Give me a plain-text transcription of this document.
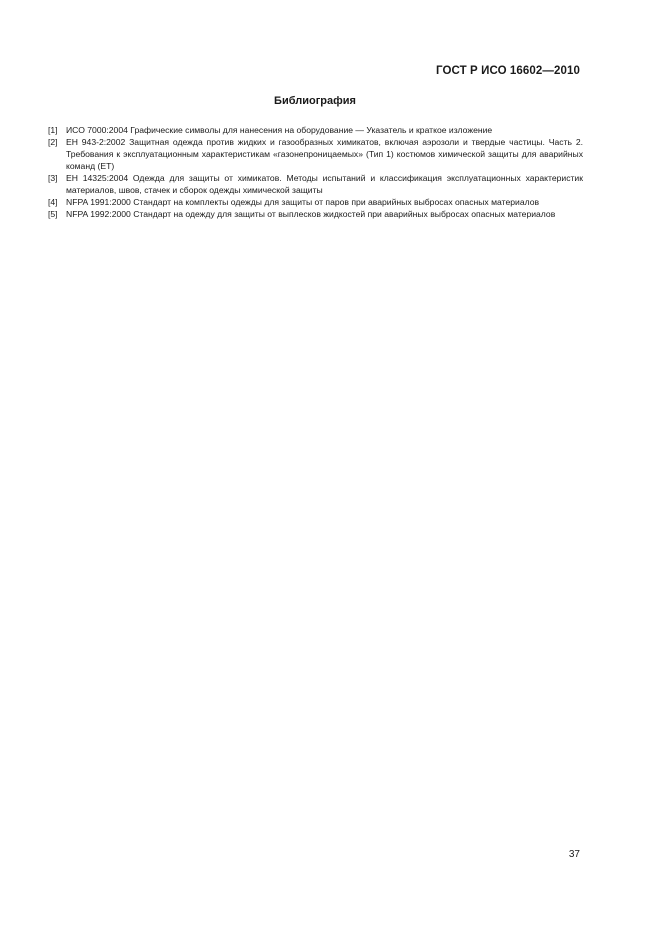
ГОСТ Р ИСО 16602—2010
Библиография
[1] ИСО 7000:2004 Графические символы для нанесения на оборудование — Указатель и краткое изложение
[2] ЕН 943-2:2002 Защитная одежда против жидких и газообразных химикатов, включая аэрозоли и твердые частицы. Часть 2. Требования к эксплуатационным характеристикам «газонепроницаемых» (Тип 1) костюмов химической защиты для аварийных команд (ET)
[3] ЕН 14325:2004 Одежда для защиты от химикатов. Методы испытаний и классификация эксплуатационных характеристик материалов, швов, стачек и сборок одежды химической защиты
[4] NFPA 1991:2000 Стандарт на комплекты одежды для защиты от паров при аварийных выбросах опасных материалов
[5] NFPA 1992:2000 Стандарт на одежду для защиты от выплесков жидкостей при аварийных выбросах опасных материалов
37
